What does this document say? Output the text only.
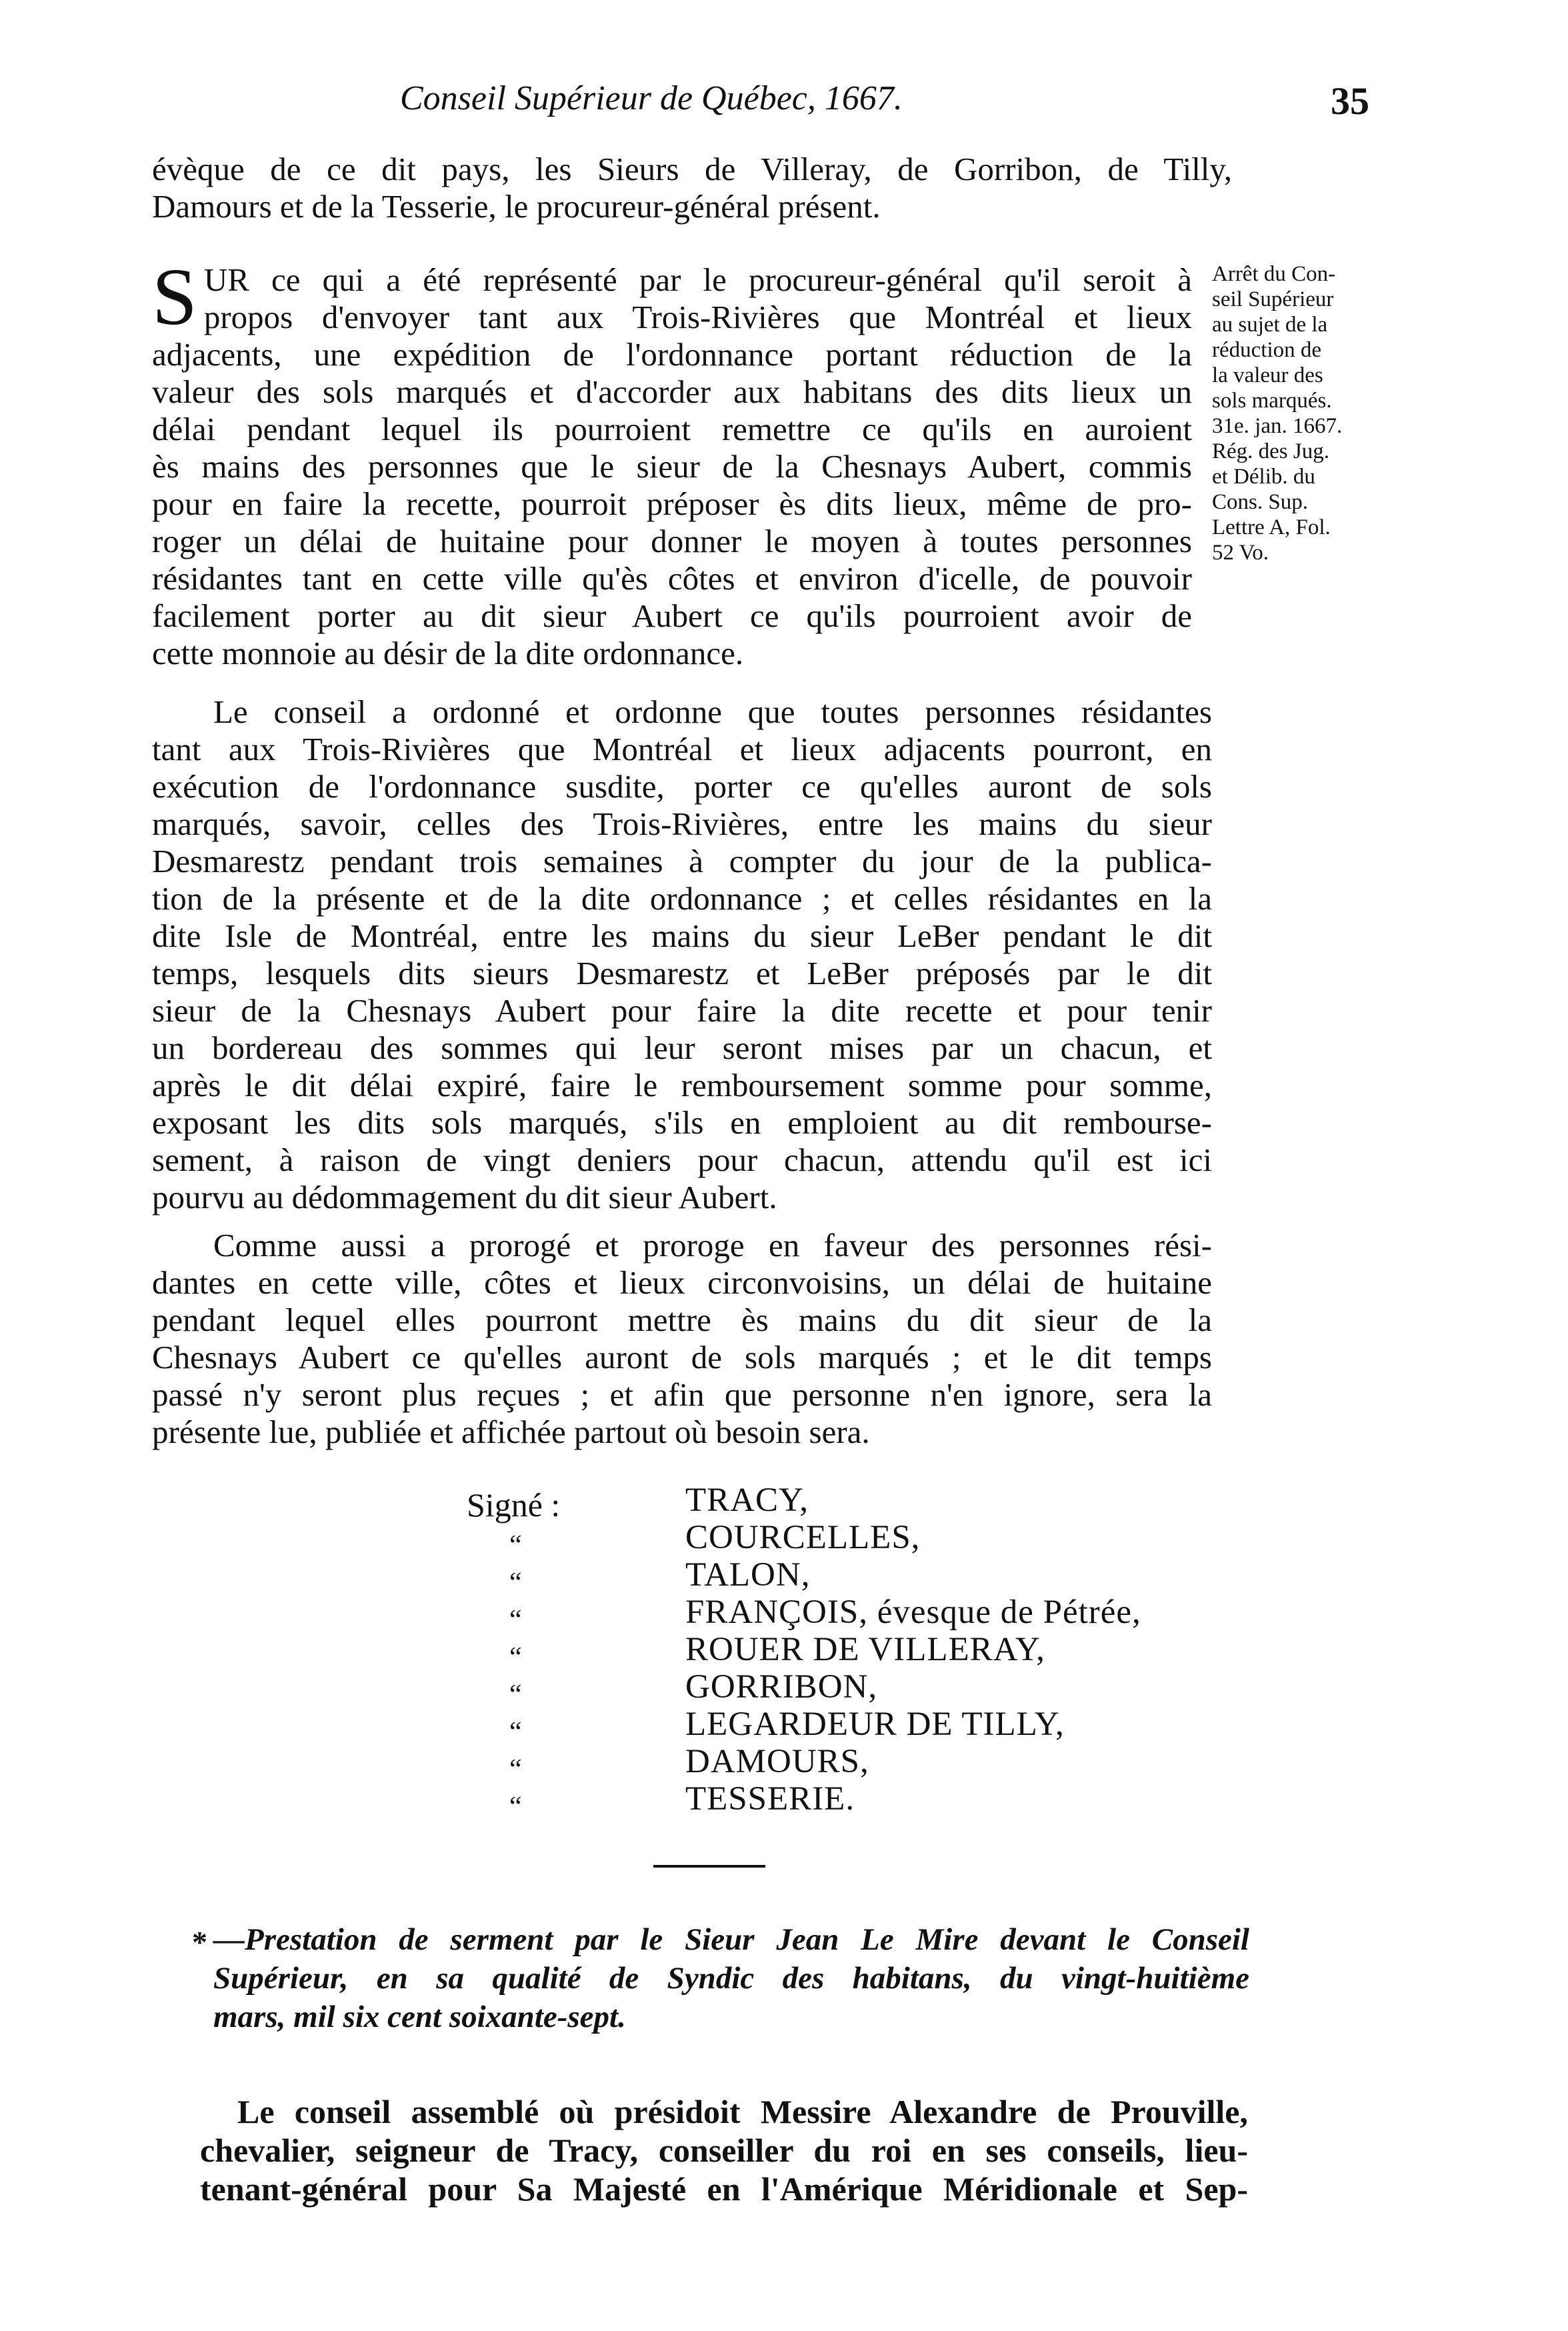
Conseil Supérieur de Québec, 1667.	35
évèque de ce dit pays, les Sieurs de Villeray, de Gorribon, de Tilly,
Damours et de la Tesserie, le procureur-général présent.
S UR ce qui a été représenté par le procureur-général qu'il seroit à
propos d'envoyer tant aux Trois-Rivières que Montréal et lieux
adjacents, une expédition de l'ordonnance portant réduction de la
valeur des sols marqués et d'accorder aux habitans des dits lieux un
délai pendant lequel ils pourroient remettre ce qu'ils en auroient
ès mains des personnes que le sieur de la Chesnays Aubert, commis
pour en faire la recette, pourroit préposer ès dits lieux, même de pro-
roger un délai de huitaine pour donner le moyen à toutes personnes
résidantes tant en cette ville qu'ès côtes et environ d'icelle, de pouvoir
facilement porter au dit sieur Aubert ce qu'ils pourroient avoir de
cette monnoie au désir de la dite ordonnance.
Arrêt du Con-
seil Supérieur
au sujet de la
réduction de
la valeur des
sols marqués.
31e. jan. 1667.
Rég. des Jug.
et Délib. du
Cons. Sup.
Lettre A, Fol.
52 Vo.
Le conseil a ordonné et ordonne que toutes personnes résidantes
tant aux Trois-Rivières que Montréal et lieux adjacents pourront, en
exécution de l'ordonnance susdite, porter ce qu'elles auront de sols
marqués, savoir, celles des Trois-Rivières, entre les mains du sieur
Desmarestz pendant trois semaines à compter du jour de la publica-
tion de la présente et de la dite ordonnance ; et celles résidantes en la
dite Isle de Montréal, entre les mains du sieur LeBer pendant le dit
temps, lesquels dits sieurs Desmarestz et LeBer préposés par le dit
sieur de la Chesnays Aubert pour faire la dite recette et pour tenir
un bordereau des sommes qui leur seront mises par un chacun, et
après le dit délai expiré, faire le remboursement somme pour somme,
exposant les dits sols marqués, s'ils en emploient au dit rembourse-
sement, à raison de vingt deniers pour chacun, attendu qu'il est ici
pourvu au dédommagement du dit sieur Aubert.
Comme aussi a prorogé et proroge en faveur des personnes rési-
dantes en cette ville, côtes et lieux circonvoisins, un délai de huitaine
pendant lequel elles pourront mettre ès mains du dit sieur de la
Chesnays Aubert ce qu'elles auront de sols marqués ; et le dit temps
passé n'y seront plus reçues ; et afin que personne n'en ignore, sera la
présente lue, publiée et affichée partout où besoin sera.
Signé :
“
“
“
“
“
“
“
“
TRACY,
COURCELLES,
TALON,
FRANÇOIS, évesque de Pétrée,
ROUER DE VILLERAY,
GORRIBON,
LEGARDEUR DE TILLY,
DAMOURS,
TESSERIE.
* —Prestation de serment par le Sieur Jean Le Mire devant le Conseil
Supérieur, en sa qualité de Syndic des habitans, du vingt-huitième
mars, mil six cent soixante-sept.
Le conseil assemblé où présidoit Messire Alexandre de Prouville,
chevalier, seigneur de Tracy, conseiller du roi en ses conseils, lieu-
tenant-général pour Sa Majesté en l'Amérique Méridionale et Sep-
